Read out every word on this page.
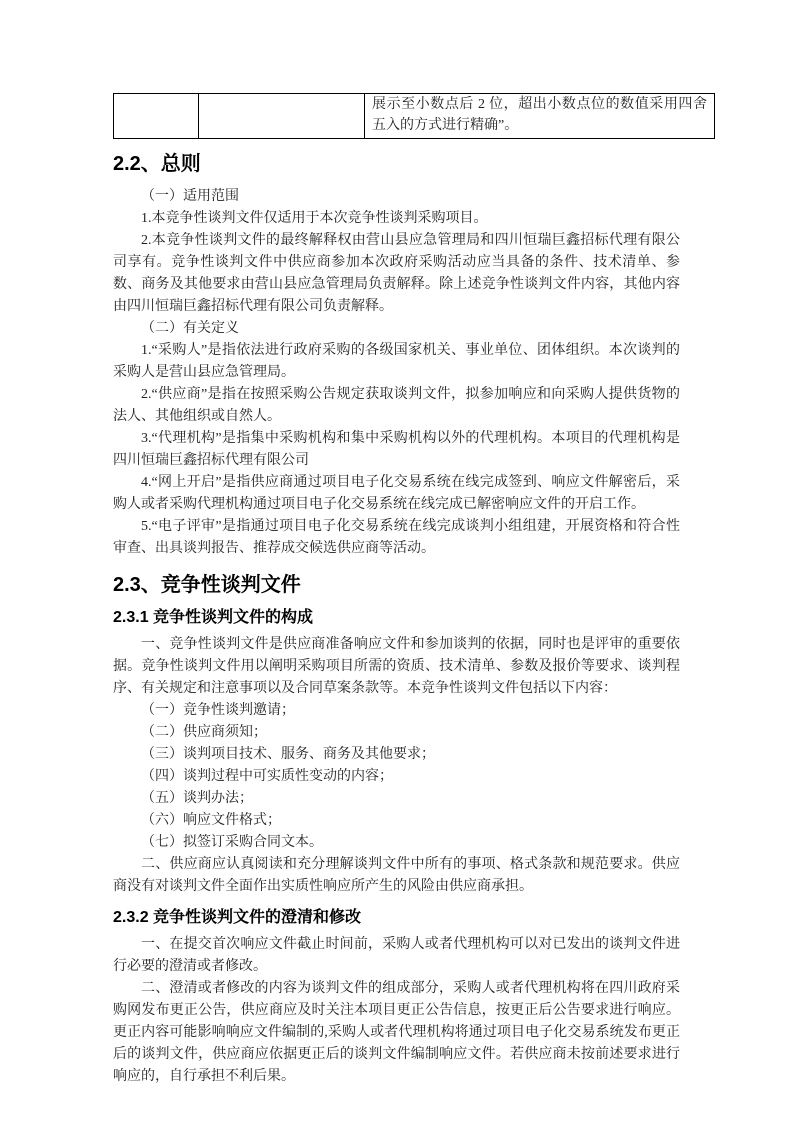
		展示至小数点后 2 位，超出小数点位的数值采用四舍五入的方式进行精确”。
2.2、总则

（一）适用范围

1.本竞争性谈判文件仅适用于本次竞争性谈判采购项目。

2.本竞争性谈判文件的最终解释权由营山县应急管理局和四川恒瑞巨鑫招标代理有限公司享有。竞争性谈判文件中供应商参加本次政府采购活动应当具备的条件、技术清单、参数、商务及其他要求由营山县应急管理局负责解释。除上述竞争性谈判文件内容，其他内容由四川恒瑞巨鑫招标代理有限公司负责解释。

（二）有关定义

1.“采购人”是指依法进行政府采购的各级国家机关、事业单位、团体组织。本次谈判的采购人是营山县应急管理局。

2.“供应商”是指在按照采购公告规定获取谈判文件，拟参加响应和向采购人提供货物的法人、其他组织或自然人。

3.“代理机构”是指集中采购机构和集中采购机构以外的代理机构。本项目的代理机构是四川恒瑞巨鑫招标代理有限公司

4.“网上开启”是指供应商通过项目电子化交易系统在线完成签到、响应文件解密后，采购人或者采购代理机构通过项目电子化交易系统在线完成已解密响应文件的开启工作。

5.“电子评审”是指通过项目电子化交易系统在线完成谈判小组组建，开展资格和符合性审查、出具谈判报告、推荐成交候选供应商等活动。

2.3、竞争性谈判文件
2.3.1 竞争性谈判文件的构成

一、竞争性谈判文件是供应商准备响应文件和参加谈判的依据，同时也是评审的重要依据。竞争性谈判文件用以阐明采购项目所需的资质、技术清单、参数及报价等要求、谈判程序、有关规定和注意事项以及合同草案条款等。本竞争性谈判文件包括以下内容：

（一）竞争性谈判邀请；

（二）供应商须知；

（三）谈判项目技术、服务、商务及其他要求；

（四）谈判过程中可实质性变动的内容；

（五）谈判办法；

（六）响应文件格式；

（七）拟签订采购合同文本。

二、供应商应认真阅读和充分理解谈判文件中所有的事项、格式条款和规范要求。供应商没有对谈判文件全面作出实质性响应所产生的风险由供应商承担。

2.3.2 竞争性谈判文件的澄清和修改

一、在提交首次响应文件截止时间前，采购人或者代理机构可以对已发出的谈判文件进行必要的澄清或者修改。

二、澄清或者修改的内容为谈判文件的组成部分，采购人或者代理机构将在四川政府采购网发布更正公告，供应商应及时关注本项目更正公告信息，按更正后公告要求进行响应。更正内容可能影响响应文件编制的,采购人或者代理机构将通过项目电子化交易系统发布更正后的谈判文件，供应商应依据更正后的谈判文件编制响应文件。若供应商未按前述要求进行响应的，自行承担不利后果。
